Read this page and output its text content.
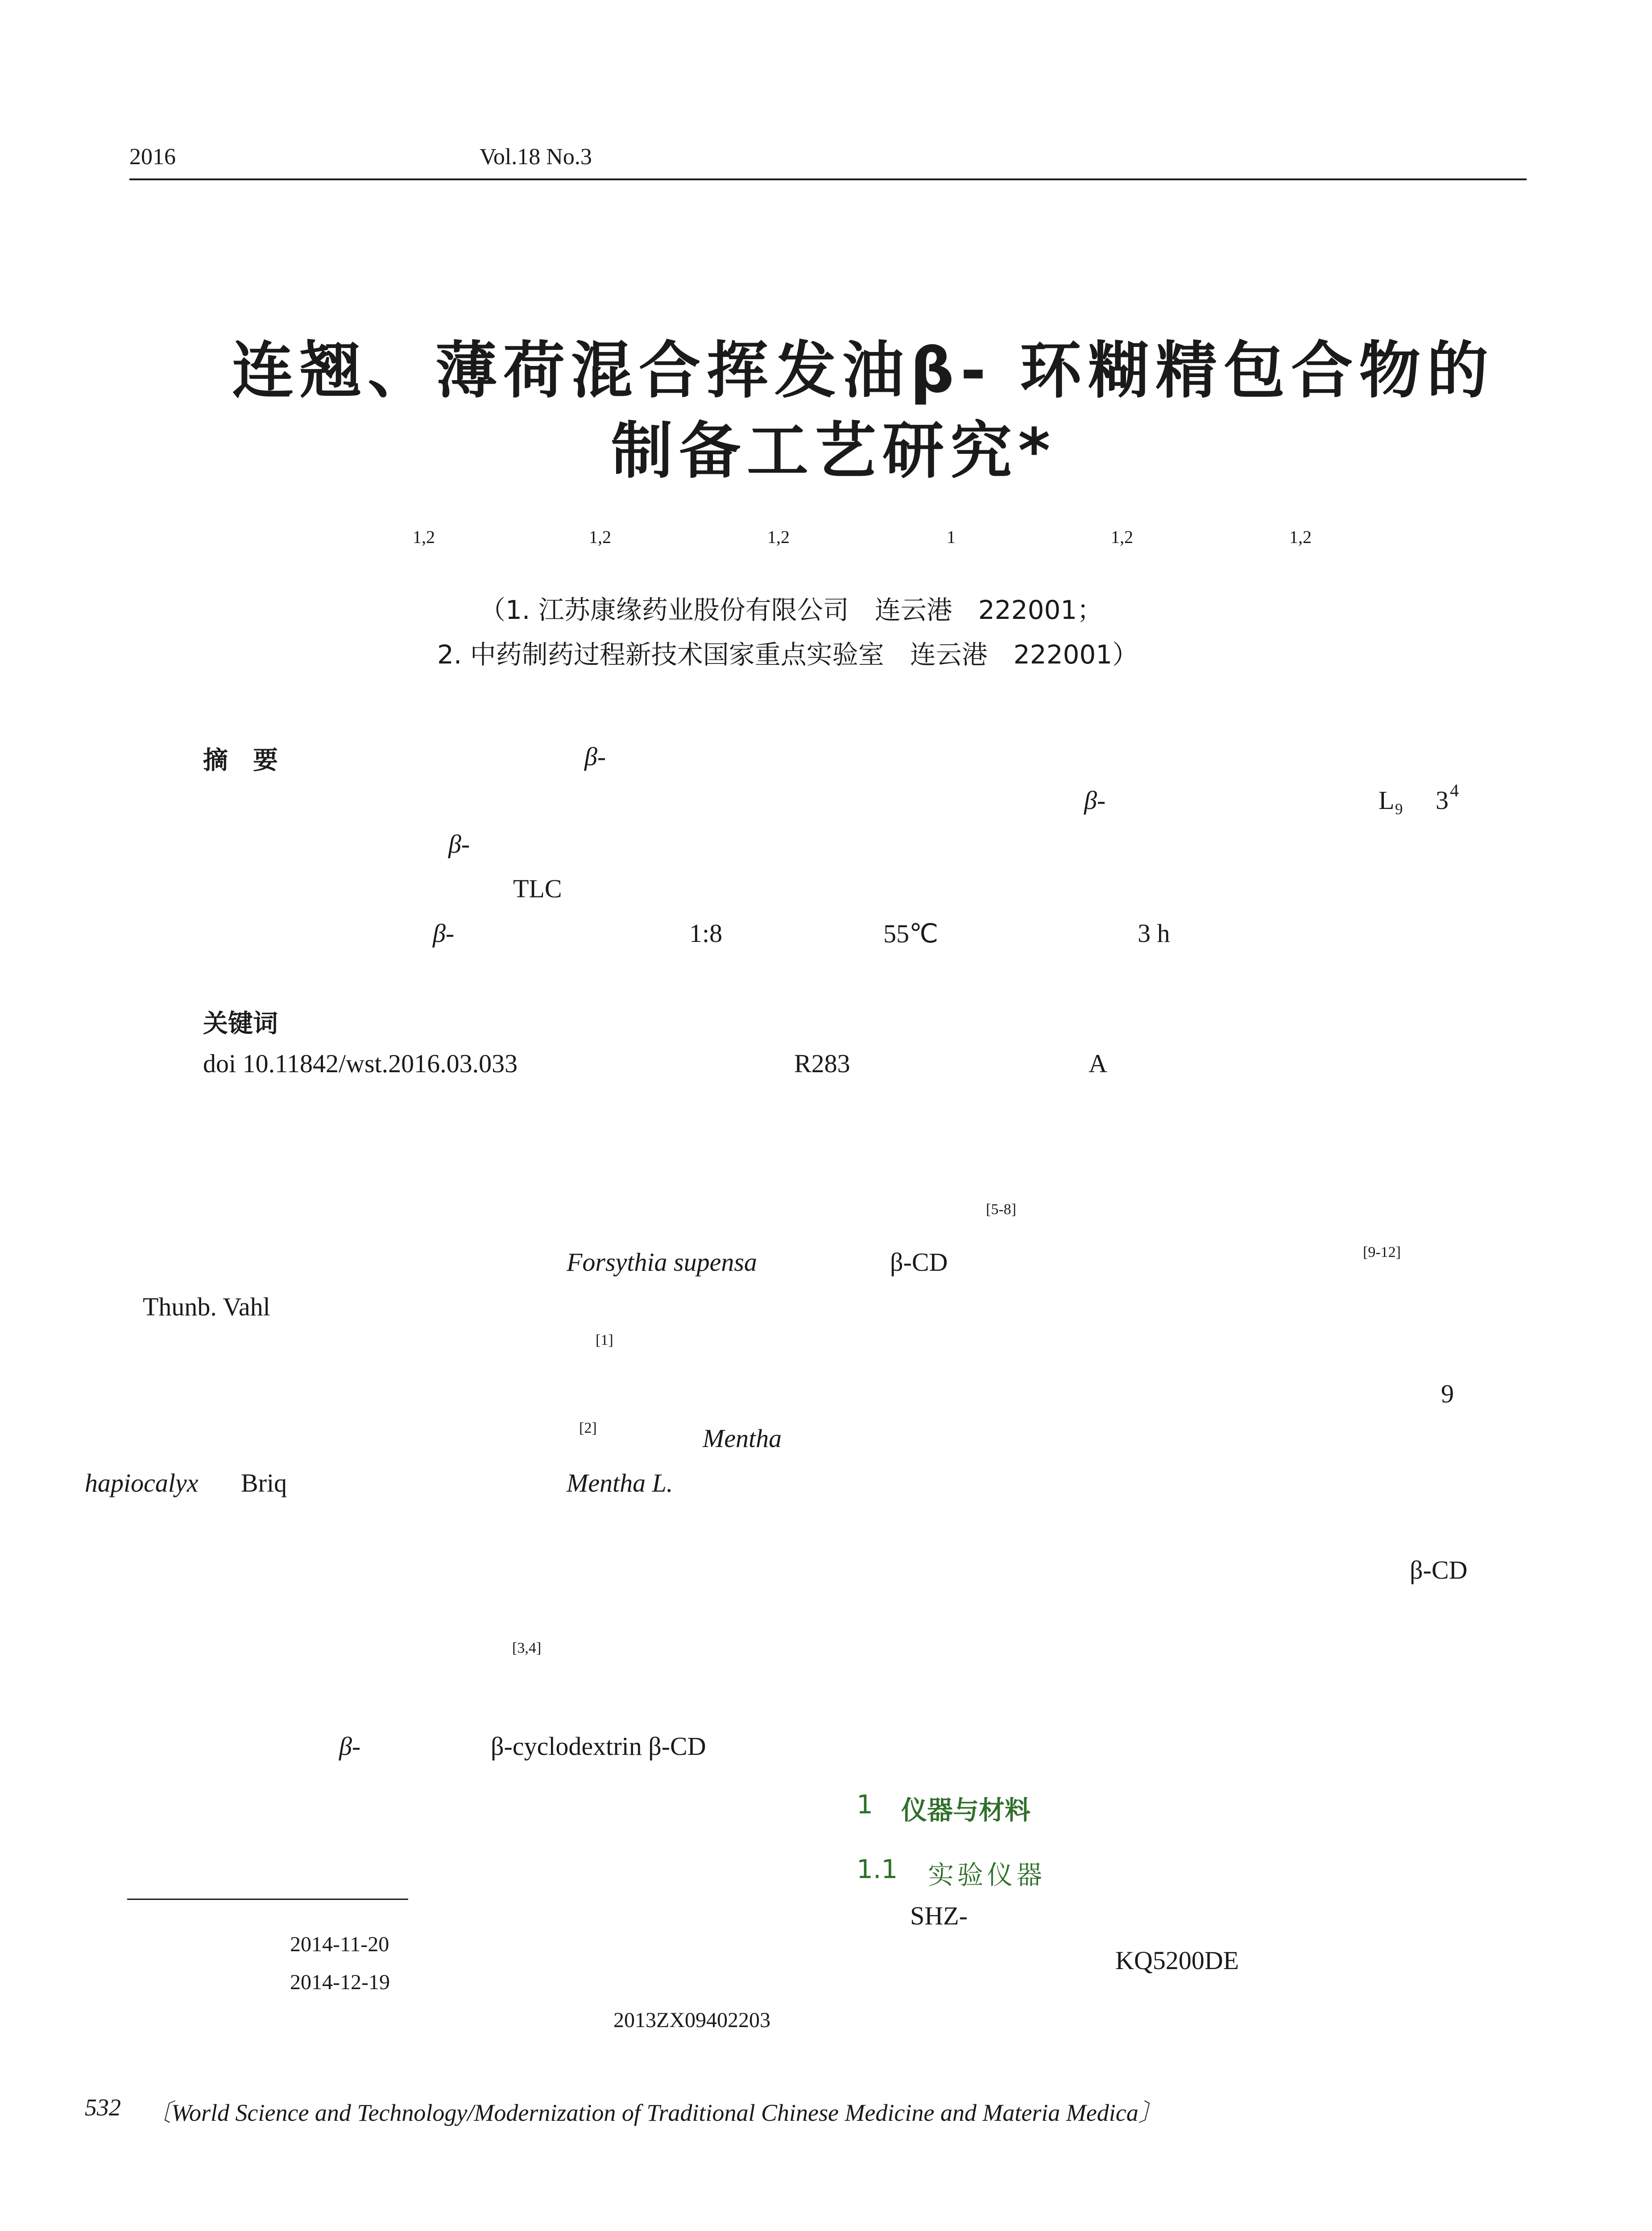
2016	Vol.18 No.3
连翘、薄荷混合挥发油β- 环糊精包合物的
制备工艺研究*
1,2	1,2	1,2	1	1,2	1,2
（1. 江苏康缘药业股份有限公司　连云港　222001；
2. 中药制药过程新技术国家重点实验室　连云港　222001）
摘　要	β-
β-	L₉ 3 4
β-
TLC
β-	1:8	55℃	3 h
关键词
doi 10.11842/wst.2016.03.033	R283	A
[5-8]
Forsythia supensa	β-CD	[9-12]
Thunb. Vahl
[1]
9
[2]	Mentha
hapiocalyx Briq	Mentha L.
β-CD
[3,4]
β-	β-cyclodextrin β-CD
1 仪器与材料
1.1 实验仪器
SHZ-
KQ5200DE
2014-11-20
2014-12-19
2013ZX09402203
532 〔World Science and Technology/Modernization of Traditional Chinese Medicine and Materia Medica〕
